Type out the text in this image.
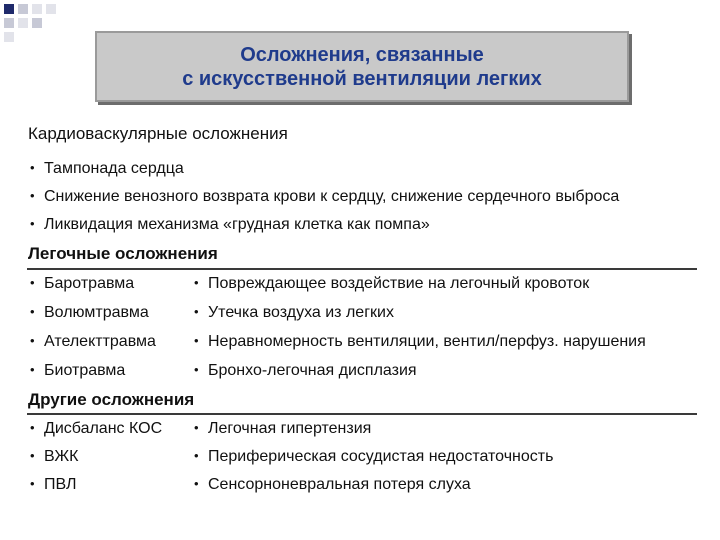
Осложнения, связанные
с искусственной вентиляции легких
Кардиоваскулярные осложнения
• Тампонада сердца
• Снижение венозного возврата крови к сердцу, снижение сердечного выброса
• Ликвидация механизма «грудная клетка как помпа»
Легочные осложнения
• Баротравма
• Волюмтравма
• Ателекттравма
• Биотравма
• Повреждающее воздействие на легочный кровоток
• Утечка воздуха из легких
• Неравномерность вентиляции, вентил/перфуз. нарушения
• Бронхо-легочная дисплазия
Другие осложнения
• Дисбаланс КОС
• ВЖК
• ПВЛ
• Легочная гипертензия
• Периферическая сосудистая недостаточность
• Сенсорноневральная потеря слуха
